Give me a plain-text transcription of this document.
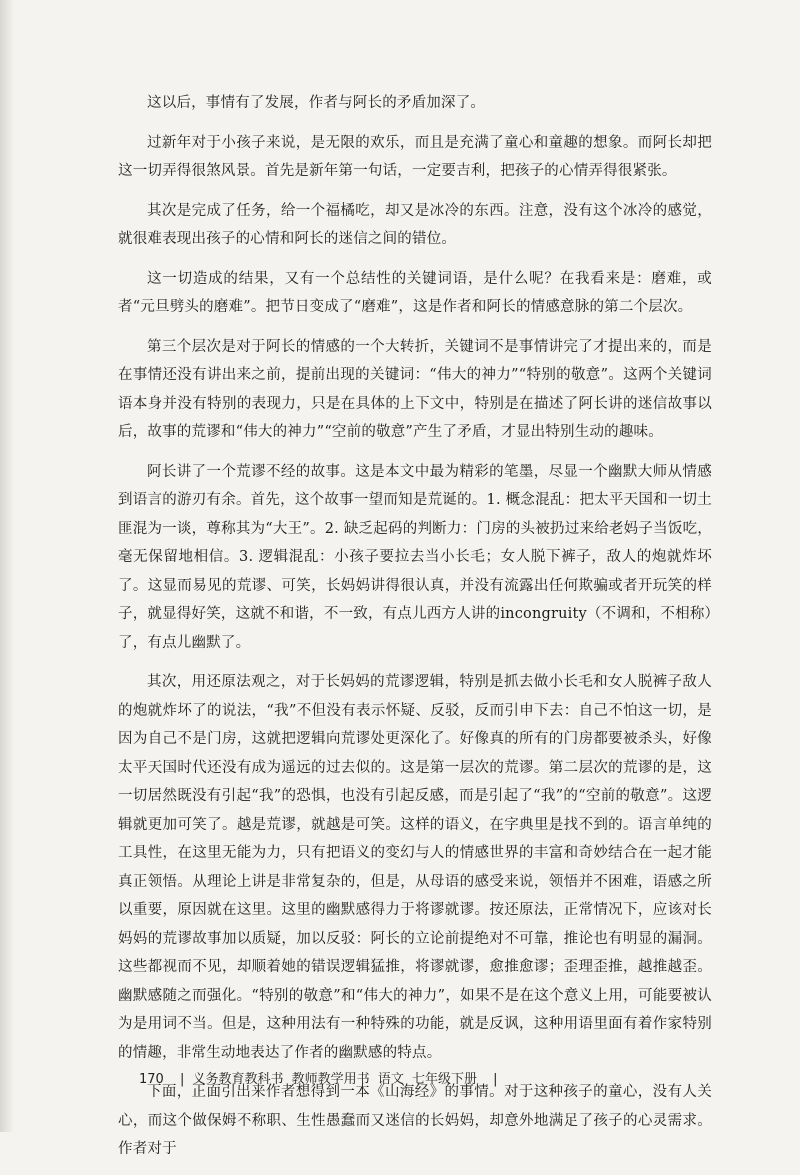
这以后，事情有了发展，作者与阿长的矛盾加深了。

过新年对于小孩子来说，是无限的欢乐，而且是充满了童心和童趣的想象。而阿长却把这一切弄得很煞风景。首先是新年第一句话，一定要吉利，把孩子的心情弄得很紧张。

其次是完成了任务，给一个福橘吃，却又是冰冷的东西。注意，没有这个冰冷的感觉，就很难表现出孩子的心情和阿长的迷信之间的错位。

这一切造成的结果，又有一个总结性的关键词语，是什么呢？在我看来是：磨难，或者“元旦劈头的磨难”。把节日变成了“磨难”，这是作者和阿长的情感意脉的第二个层次。

第三个层次是对于阿长的情感的一个大转折，关键词不是事情讲完了才提出来的，而是在事情还没有讲出来之前，提前出现的关键词：“伟大的神力”“特别的敬意”。这两个关键词语本身并没有特别的表现力，只是在具体的上下文中，特别是在描述了阿长讲的迷信故事以后，故事的荒谬和“伟大的神力”“空前的敬意”产生了矛盾，才显出特别生动的趣味。

阿长讲了一个荒谬不经的故事。这是本文中最为精彩的笔墨，尽显一个幽默大师从情感到语言的游刃有余。首先，这个故事一望而知是荒诞的。1. 概念混乱：把太平天国和一切土匪混为一谈，尊称其为“大王”。2. 缺乏起码的判断力：门房的头被扔过来给老妈子当饭吃，毫无保留地相信。3. 逻辑混乱：小孩子要拉去当小长毛；女人脱下裤子，敌人的炮就炸坏了。这显而易见的荒谬、可笑，长妈妈讲得很认真，并没有流露出任何欺骗或者开玩笑的样子，就显得好笑，这就不和谐，不一致，有点儿西方人讲的incongruity（不调和，不相称）了，有点儿幽默了。

其次，用还原法观之，对于长妈妈的荒谬逻辑，特别是抓去做小长毛和女人脱裤子敌人的炮就炸坏了的说法，“我”不但没有表示怀疑、反驳，反而引申下去：自己不怕这一切，是因为自己不是门房，这就把逻辑向荒谬处更深化了。好像真的所有的门房都要被杀头，好像太平天国时代还没有成为遥远的过去似的。这是第一层次的荒谬。第二层次的荒谬的是，这一切居然既没有引起“我”的恐惧，也没有引起反感，而是引起了“我”的“空前的敬意”。这逻辑就更加可笑了。越是荒谬，就越是可笑。这样的语义，在字典里是找不到的。语言单纯的工具性，在这里无能为力，只有把语义的变幻与人的情感世界的丰富和奇妙结合在一起才能真正领悟。从理论上讲是非常复杂的，但是，从母语的感受来说，领悟并不困难，语感之所以重要，原因就在这里。这里的幽默感得力于将谬就谬。按还原法，正常情况下，应该对长妈妈的荒谬故事加以质疑，加以反驳：阿长的立论前提绝对不可靠，推论也有明显的漏洞。这些都视而不见，却顺着她的错误逻辑猛推，将谬就谬，愈推愈谬；歪理歪推，越推越歪。幽默感随之而强化。“特别的敬意”和“伟大的神力”，如果不是在这个意义上用，可能要被认为是用词不当。但是，这种用法有一种特殊的功能，就是反讽，这种用语里面有着作家特别的情趣，非常生动地表达了作者的幽默感的特点。

下面，正面引出来作者想得到一本《山海经》的事情。对于这种孩子的童心，没有人关心，而这个做保姆不称职、生性愚蠢而又迷信的长妈妈，却意外地满足了孩子的心灵需求。作者对于

170 | 义务教育教科书 教师教学用书 语文 七年级下册 |
